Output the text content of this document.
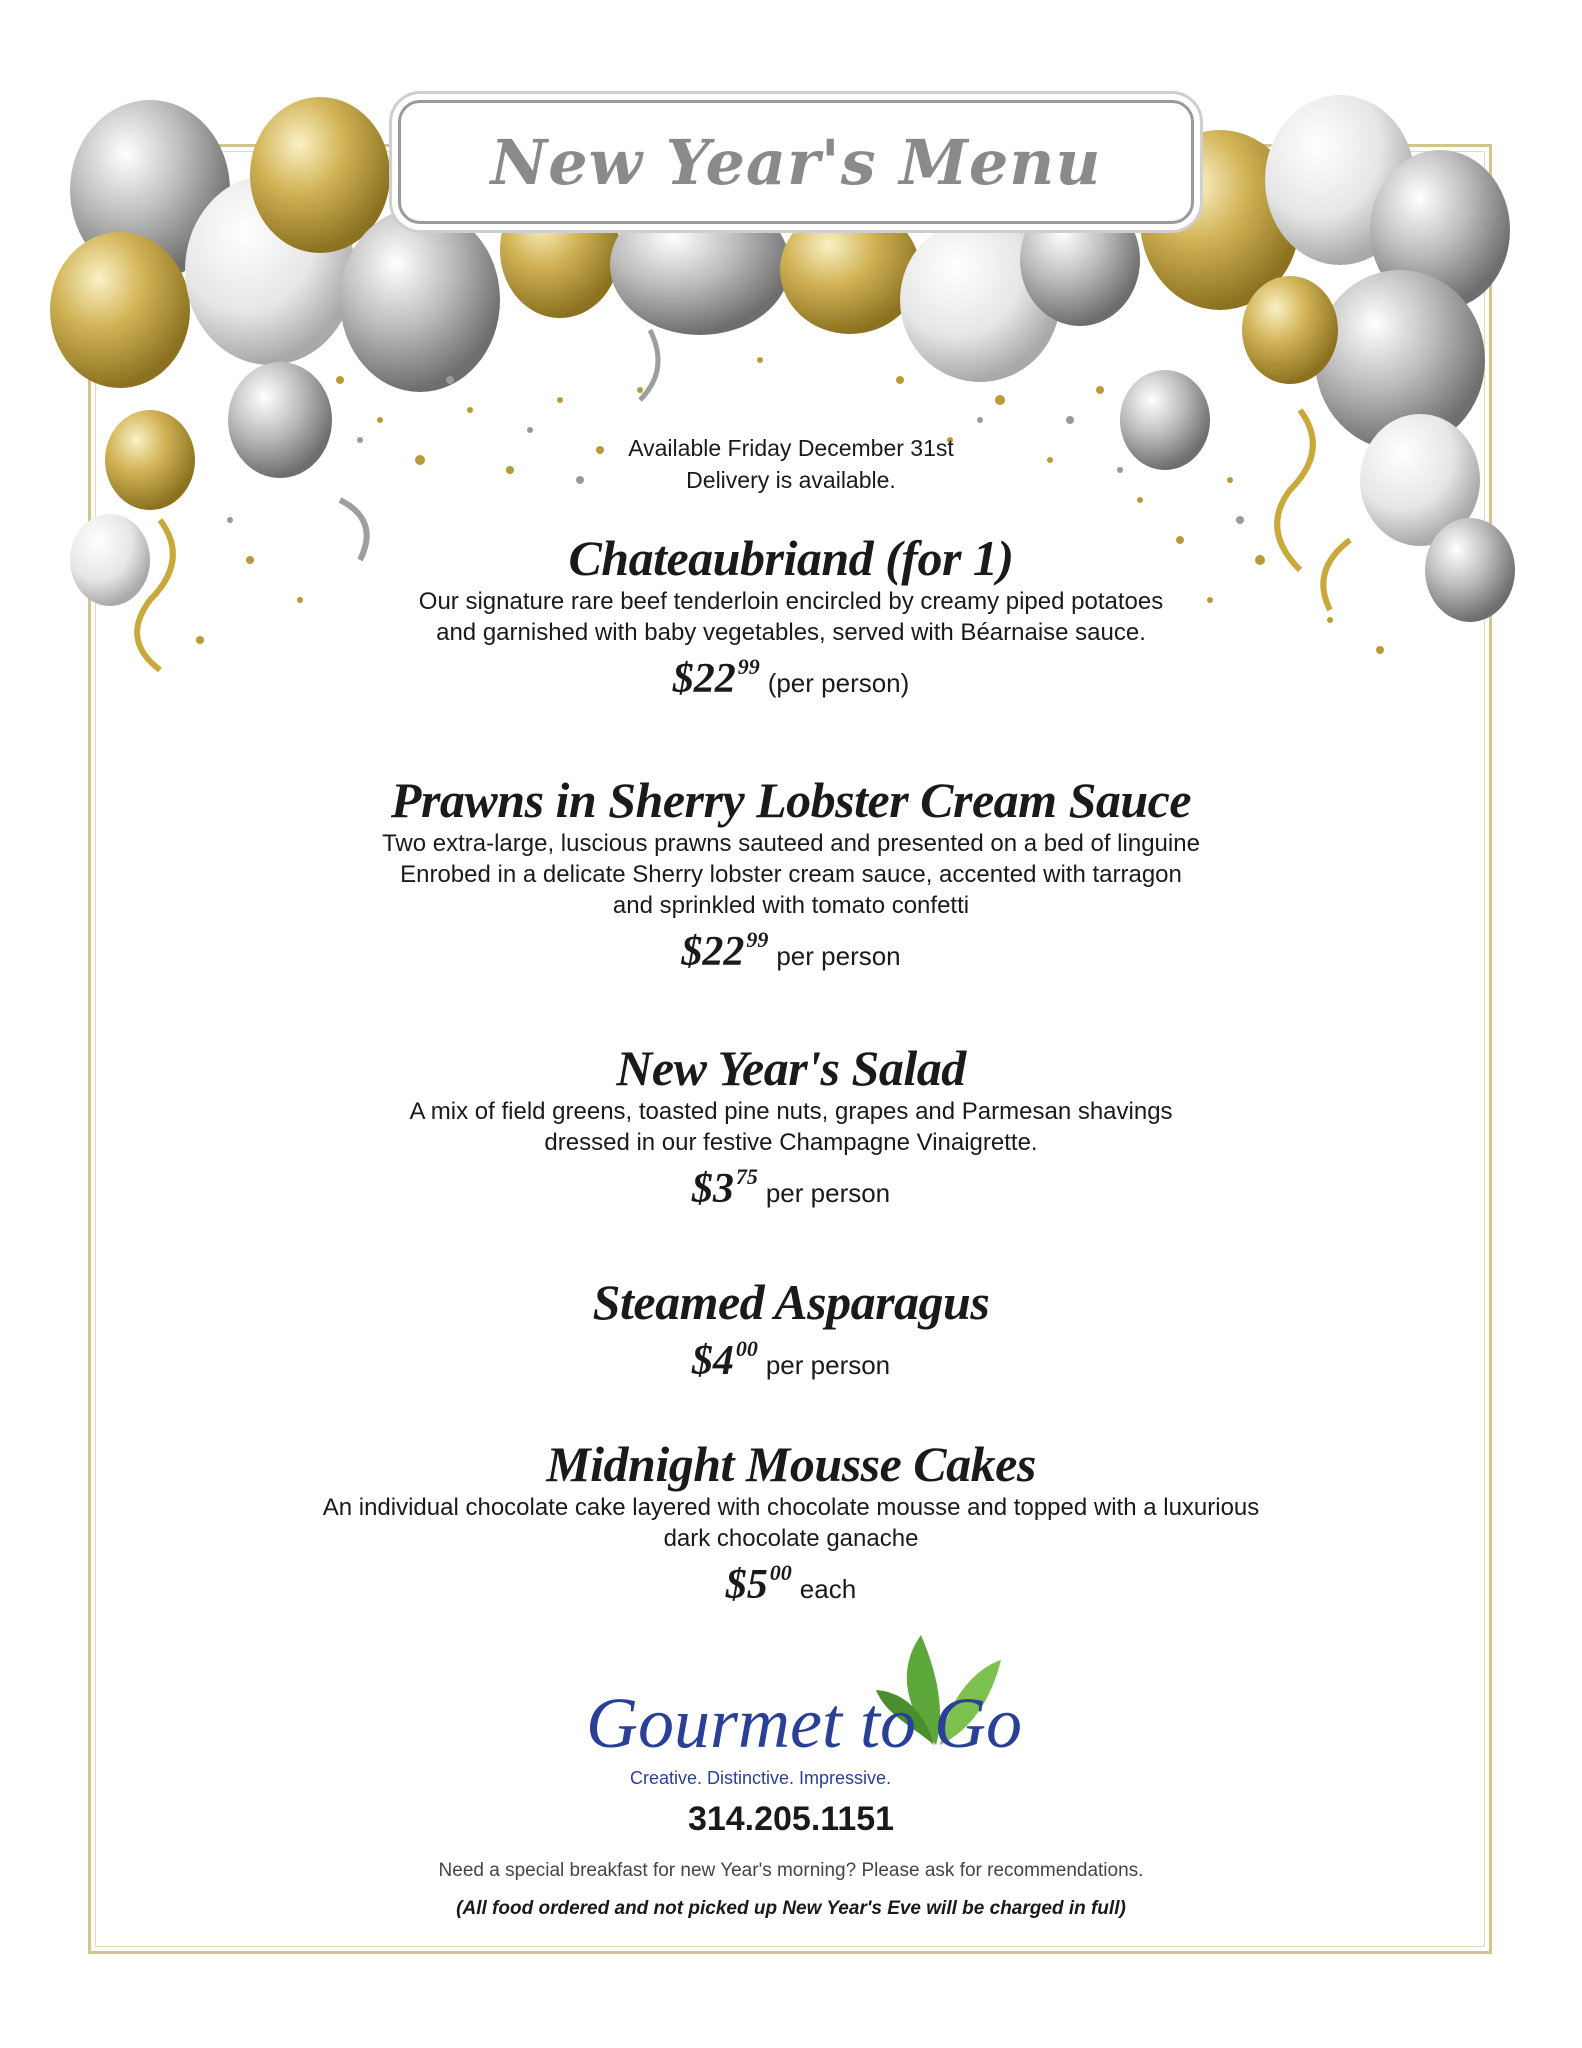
New Year's Menu
Available Friday December 31st
Delivery is available.

Chateaubriand (for 1)

Our signature rare beef tenderloin encircled by creamy piped potatoes

and garnished with baby vegetables, served with Béarnaise sauce.

$\$22^{99}(per$ person)

Prawns in Sherry Lobster Cream Sauce

Two extra-large, luscious prawns sauteed and presented on a bed of linguine

Enrobed in a delicate Sherry lobster cream sauce, accented with tarragon

and sprinkled with tomato confetti

$\$22^{99}per$ person

New Year's Salad

A mix of field greens, toasted pine nuts, grapes and Parmesan shavings

dressed in our festive Champagne Vinaigrette.

$\$3^{75}per$ person

Steamed Asparagus

$\$4^{00}per$ person

Midnight Mousse Cakes

An individual chocolate cake layered with chocolate mousse and topped with a luxurious

dark chocolate ganache

$\$5^{00}each$
Gourmet to Go
Creative. Distinctive. Impressive.
314.205.1151
Need a special breakfast for new Year's morning? Please ask for recommendations.
(All food ordered and not picked up New Year's Eve will be charged in full)
